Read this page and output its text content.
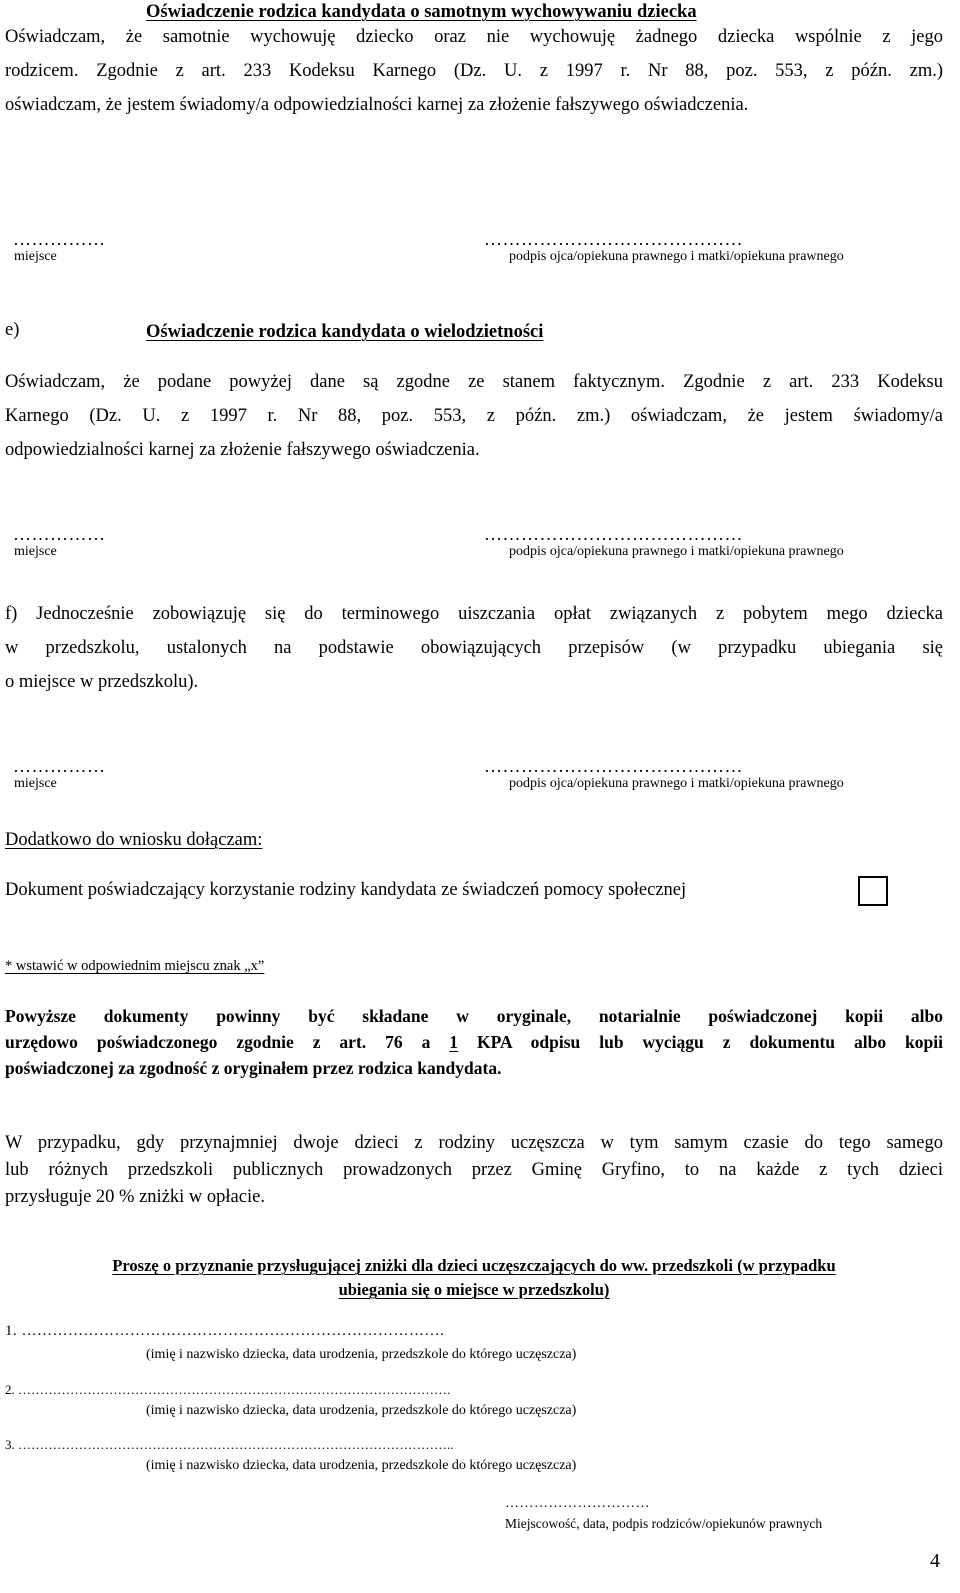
Oświadczenie rodzica kandydata o samotnym wychowywaniu dziecka
Oświadczam, że samotnie wychowuję dziecko oraz nie wychowuję żadnego dziecka wspólnie z jego
rodzicem. Zgodnie z art. 233 Kodeksu Karnego (Dz. U. z 1997 r. Nr 88, poz. 553, z późn. zm.)
oświadczam, że jestem świadomy/a odpowiedzialności karnej za złożenie fałszywego oświadczenia.
……………
miejsce
……………………………………
podpis ojca/opiekuna prawnego i matki/opiekuna prawnego
e)	Oświadczenie rodzica kandydata o wielodzietności
Oświadczam, że podane powyżej dane są zgodne ze stanem faktycznym. Zgodnie z art. 233 Kodeksu
Karnego (Dz. U. z 1997 r. Nr 88, poz. 553, z późn. zm.) oświadczam, że jestem świadomy/a
odpowiedzialności karnej za złożenie fałszywego oświadczenia.
……………
miejsce
……………………………………
podpis ojca/opiekuna prawnego i matki/opiekuna prawnego
f) Jednocześnie zobowiązuję się do terminowego uiszczania opłat związanych z pobytem mego dziecka
w przedszkolu, ustalonych na podstawie obowiązujących przepisów (w przypadku ubiegania się
o miejsce w przedszkolu).
……………
miejsce
……………………………………
podpis ojca/opiekuna prawnego i matki/opiekuna prawnego
Dodatkowo do wniosku dołączam:
Dokument poświadczający korzystanie rodziny kandydata ze świadczeń pomocy społecznej
* wstawić w odpowiednim miejscu znak „x”
Powyższe dokumenty powinny być składane w oryginale, notarialnie poświadczonej kopii albo
urzędowo poświadczonego zgodnie z art. 76 a 1 KPA odpisu lub wyciągu z dokumentu albo kopii
poświadczonej za zgodność z oryginałem przez rodzica kandydata.
W przypadku, gdy przynajmniej dwoje dzieci z rodziny uczęszcza w tym samym czasie do tego samego
lub różnych przedszkoli publicznych prowadzonych przez Gminę Gryfino, to na każde z tych dzieci
przysługuje 20 % zniżki w opłacie.
Proszę o przyznanie przysługującej zniżki dla dzieci uczęszczających do ww. przedszkoli (w przypadku
ubiegania się o miejsce w przedszkolu)
1. ……………………………………………………………………….
(imię i nazwisko dziecka, data urodzenia, przedszkole do którego uczęszcza)
2. ……………………………………………………………………………………….
(imię i nazwisko dziecka, data urodzenia, przedszkole do którego uczęszcza)
3. ………………………………………………………………………………………..
(imię i nazwisko dziecka, data urodzenia, przedszkole do którego uczęszcza)
…………………………
Miejscowość, data, podpis rodziców/opiekunów prawnych
4
